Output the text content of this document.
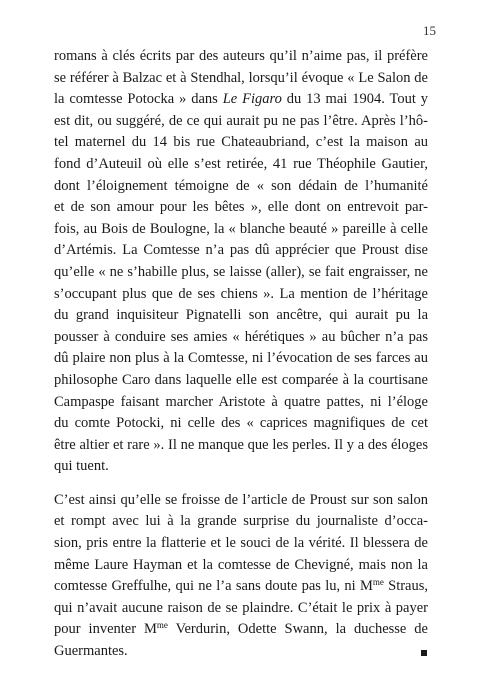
15
romans à clés écrits par des auteurs qu’il n’aime pas, il préfère
se référer à Balzac et à Stendhal, lorsqu’il évoque « Le Salon de
la comtesse Potocka » dans Le Figaro du 13 mai 1904. Tout y
est dit, ou suggéré, de ce qui aurait pu ne pas l’être. Après l’hô-
tel maternel du 14 bis rue Chateaubriand, c’est la maison au
fond d’Auteuil où elle s’est retirée, 41 rue Théophile Gautier,
dont l’éloignement témoigne de « son dédain de l’humanité
et de son amour pour les bêtes », elle dont on entrevoit par-
fois, au Bois de Boulogne, la « blanche beauté » pareille à celle
d’Artémis. La Comtesse n’a pas dû apprécier que Proust dise
qu’elle « ne s’habille plus, se laisse (aller), se fait engraisser, ne
s’occupant plus que de ses chiens ». La mention de l’héritage
du grand inquisiteur Pignatelli son ancêtre, qui aurait pu la
pousser à conduire ses amies « hérétiques » au bûcher n’a pas
dû plaire non plus à la Comtesse, ni l’évocation de ses farces au
philosophe Caro dans laquelle elle est comparée à la courtisane
Campaspe faisant marcher Aristote à quatre pattes, ni l’éloge
du comte Potocki, ni celle des « caprices magnifiques de cet
être altier et rare ». Il ne manque que les perles. Il y a des éloges
qui tuent.
C’est ainsi qu’elle se froisse de l’article de Proust sur son salon
et rompt avec lui à la grande surprise du journaliste d’occa-
sion, pris entre la flatterie et le souci de la vérité. Il blessera de
même Laure Hayman et la comtesse de Chevigné, mais non la
comtesse Greffulhe, qui ne l’a sans doute pas lu, ni $M^{me}$ Straus,
qui n’avait aucune raison de se plaindre. C’était le prix à payer
pour inventer $M^{me}$ Verdurin, Odette Swann, la duchesse de
Guermantes.
